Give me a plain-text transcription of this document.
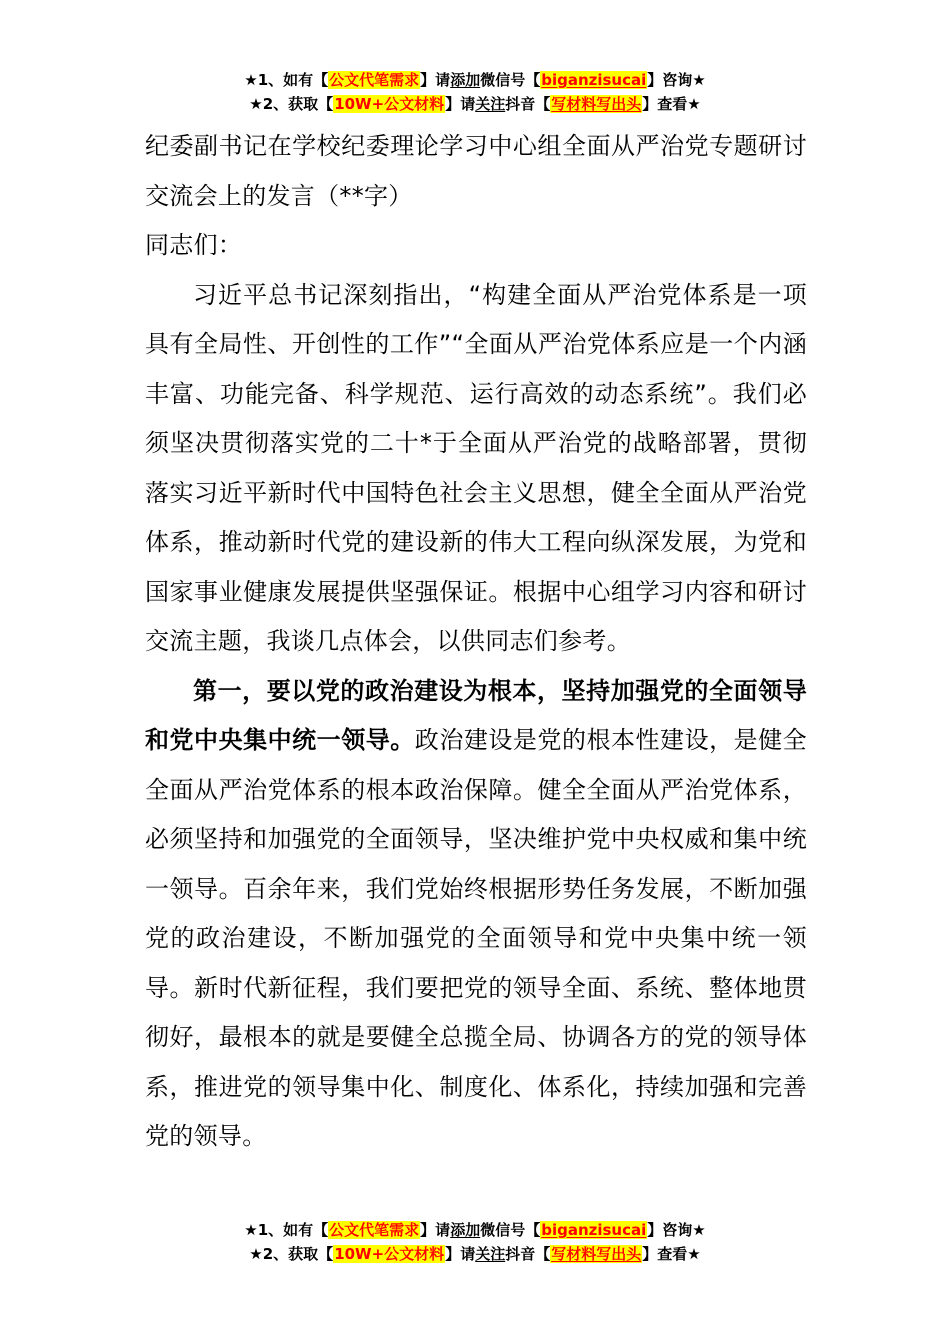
★1、如有【公文代笔需求】请添加微信号【biganzisucai】咨询★
★2、获取【10W+公文材料】请关注抖音【写材料写出头】查看★

纪委副书记在学校纪委理论学习中心组全面从严治党专题研讨交流会上的发言（**字）

同志们：

习近平总书记深刻指出，“构建全面从严治党体系是一项具有全局性、开创性的工作”“全面从严治党体系应是一个内涵丰富、功能完备、科学规范、运行高效的动态系统”。我们必须坚决贯彻落实党的二十*于全面从严治党的战略部署，贯彻落实习近平新时代中国特色社会主义思想，健全全面从严治党体系，推动新时代党的建设新的伟大工程向纵深发展，为党和国家事业健康发展提供坚强保证。根据中心组学习内容和研讨交流主题，我谈几点体会，以供同志们参考。

第一，要以党的政治建设为根本，坚持加强党的全面领导和党中央集中统一领导。政治建设是党的根本性建设，是健全全面从严治党体系的根本政治保障。健全全面从严治党体系，必须坚持和加强党的全面领导，坚决维护党中央权威和集中统一领导。百余年来，我们党始终根据形势任务发展，不断加强党的政治建设，不断加强党的全面领导和党中央集中统一领导。新时代新征程，我们要把党的领导全面、系统、整体地贯彻好，最根本的就是要健全总揽全局、协调各方的党的领导体系，推进党的领导集中化、制度化、体系化，持续加强和完善党的领导。

★1、如有【公文代笔需求】请添加微信号【biganzisucai】咨询★
★2、获取【10W+公文材料】请关注抖音【写材料写出头】查看★
